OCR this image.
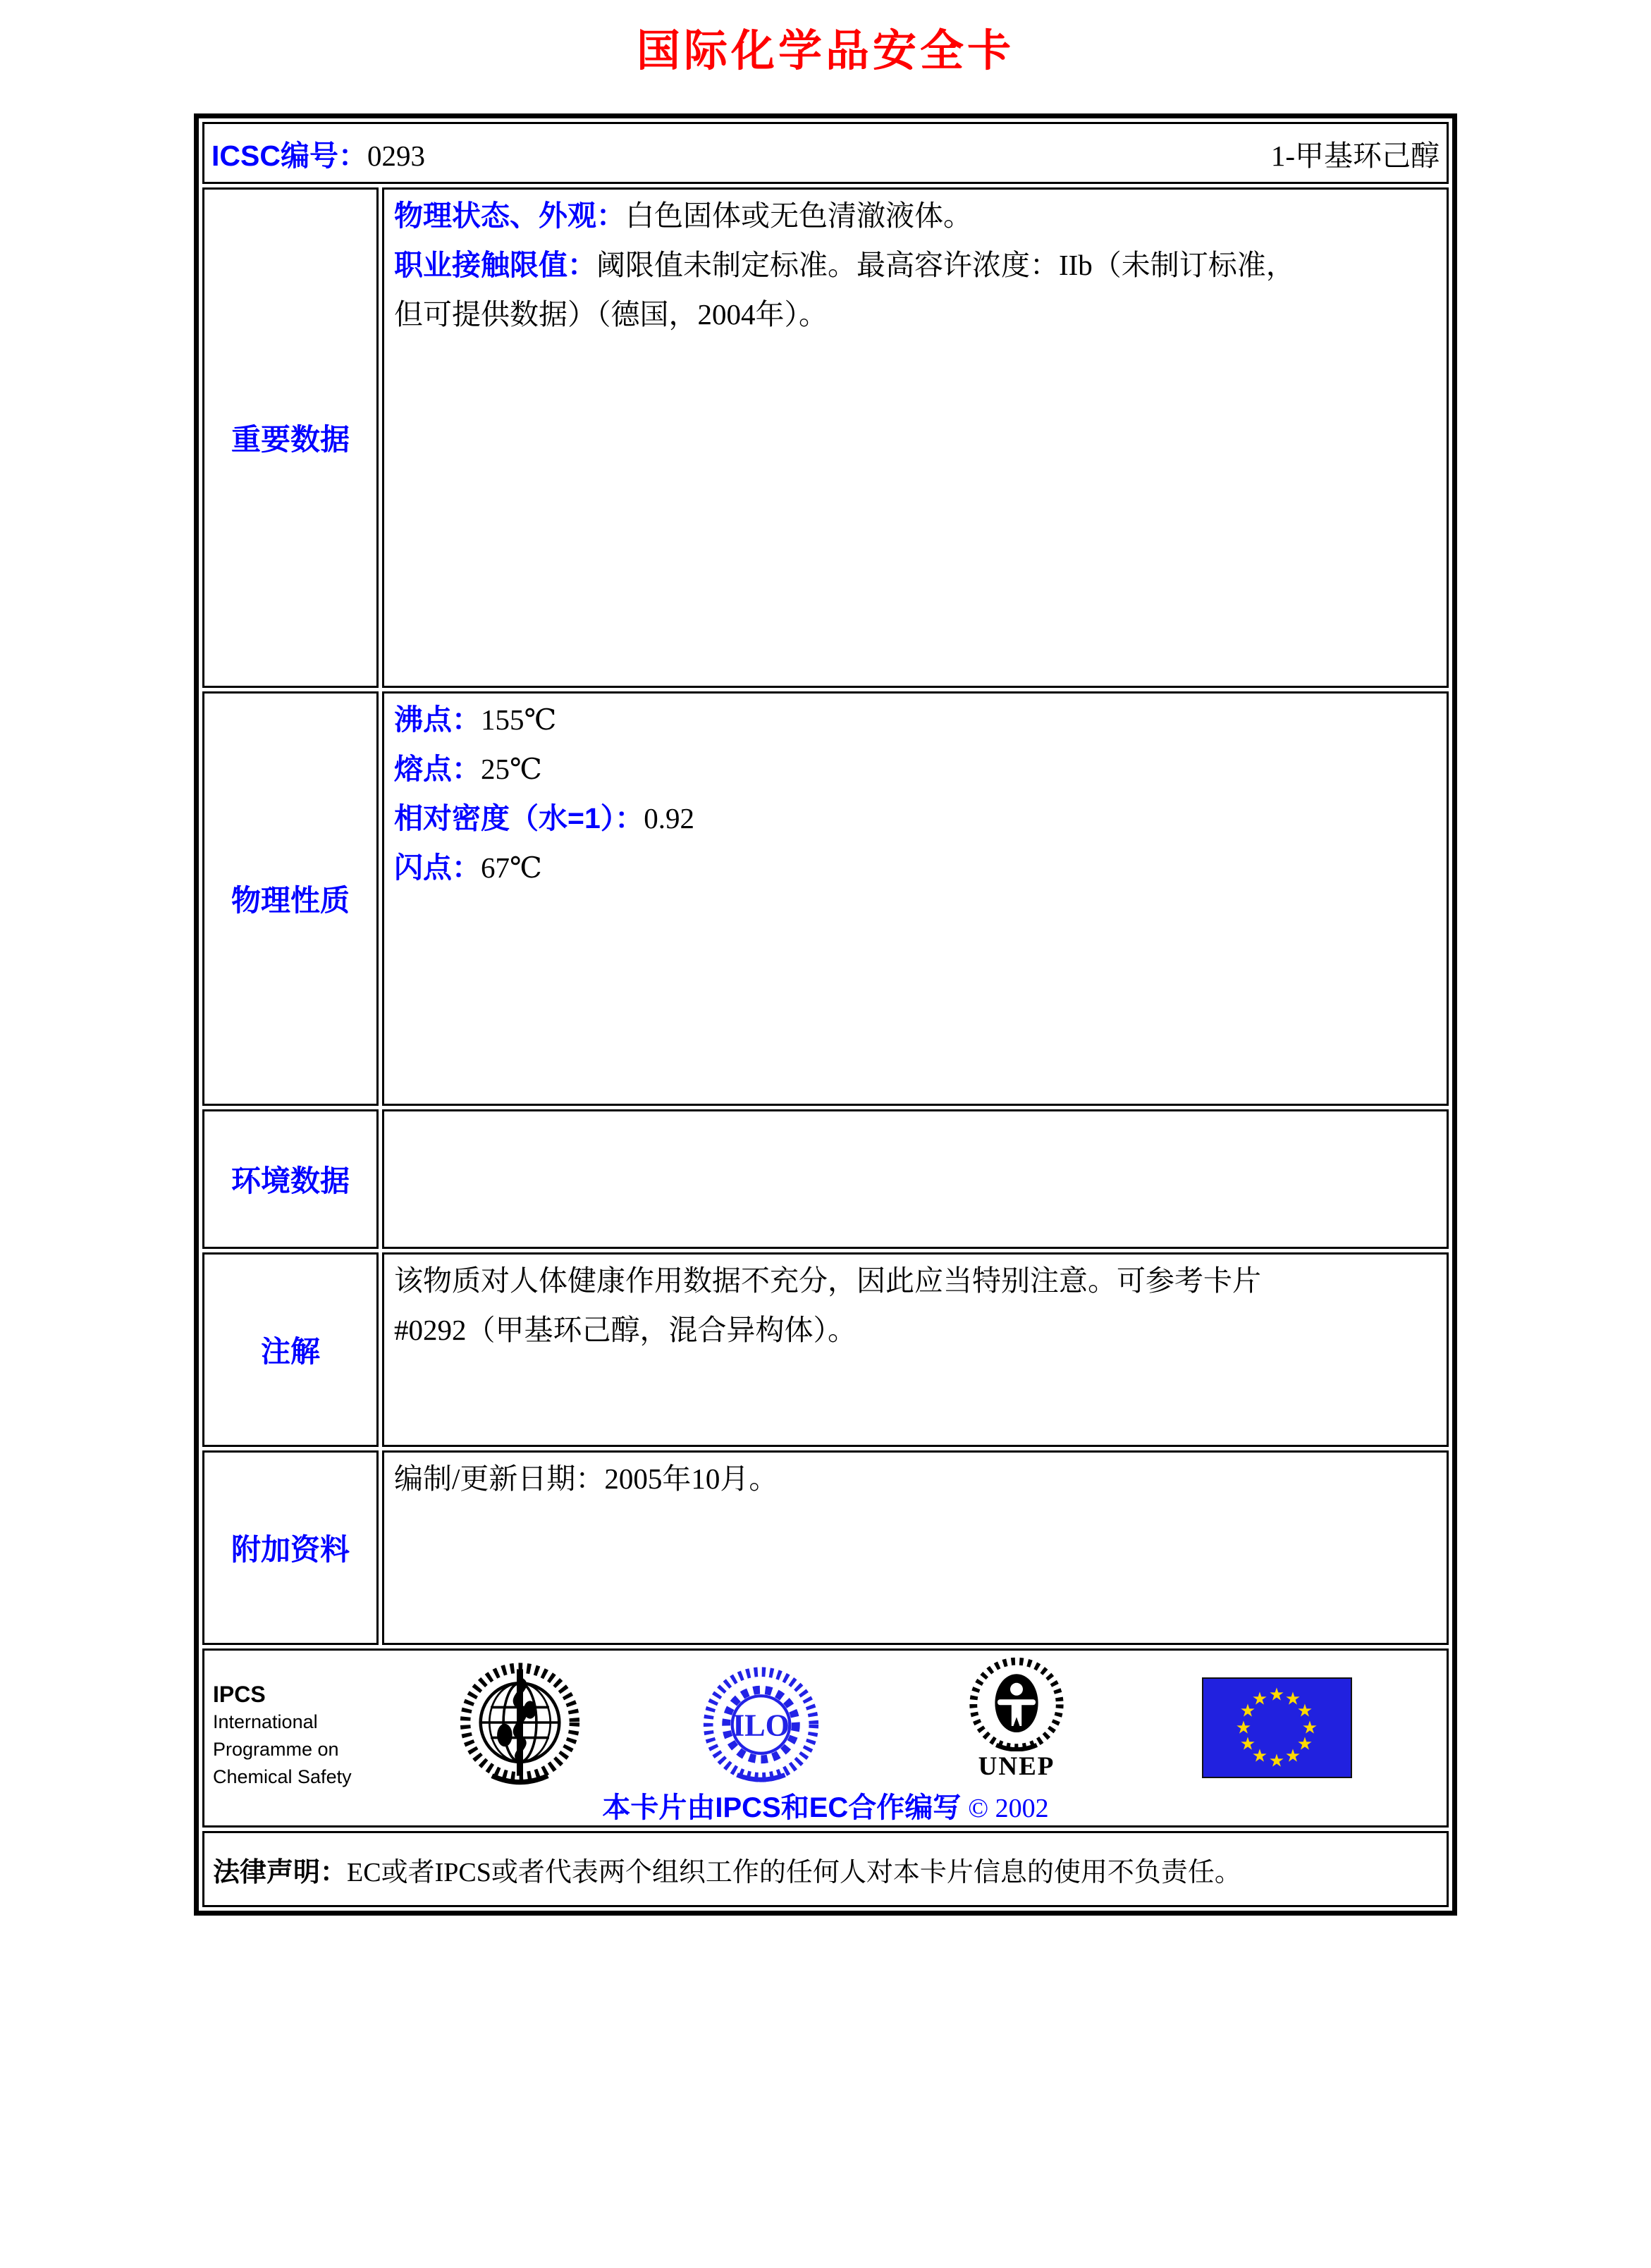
国际化学品安全卡
ICSC编号：0293 1-甲基环己醇	

重要数据	物理状态、外观：白色固体或无色清澈液体。
职业接触限值：阈限值未制定标准。最高容许浓度：IIb（未制订标准，
但可提供数据）（德国，2004年）。

物理性质	沸点：155℃
熔点：25℃
相对密度（水=1）：0.92
闪点：67℃

环境数据	
注解	该物质对人体健康作用数据不充分，因此应当特别注意。可参考卡片
#0292（甲基环己醇，混合异构体）。

附加资料	编制/更新日期：2005年10月。

IPCS
International
Programme on
Chemical Safety
ILO
UNEP
★ ★
★
★
★
★
★
★
★
★
★
★
本卡片由IPCS和EC合作编写 © 2002

法律声明：EC或者IPCS或者代表两个组织工作的任何人对本卡片信息的使用不负责任。	
